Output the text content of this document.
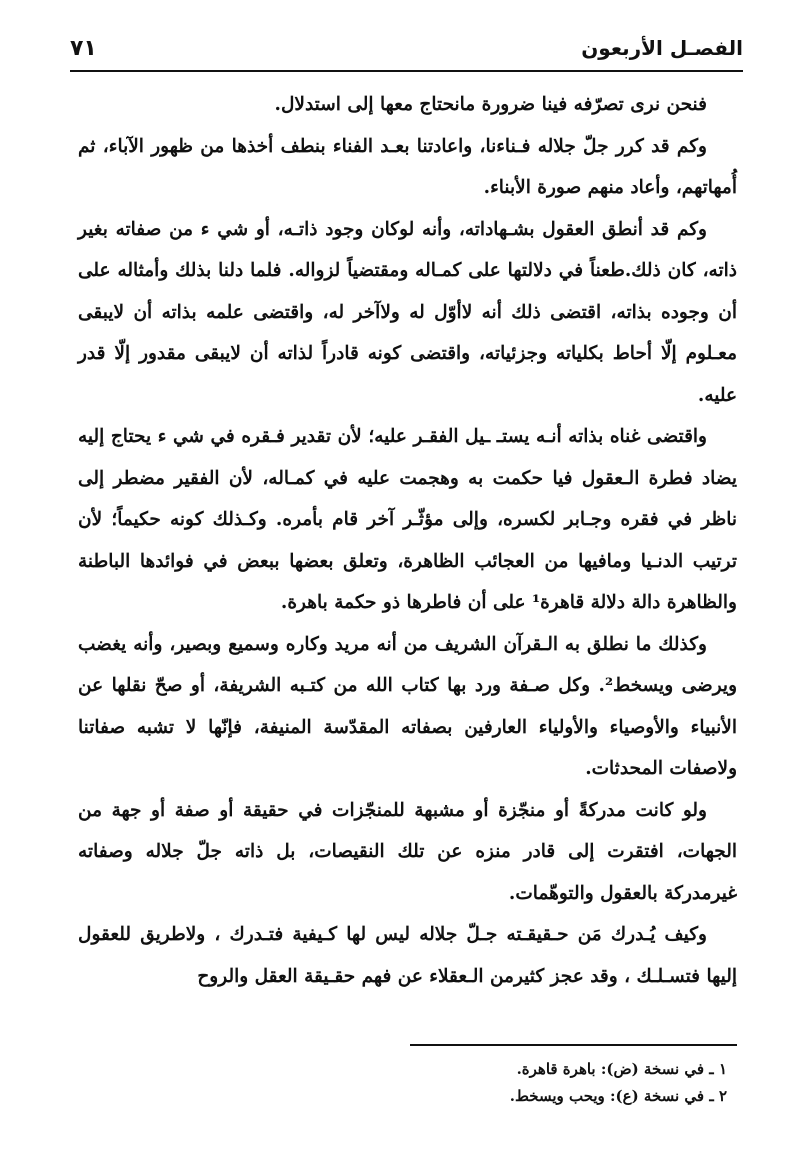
الفصـل الأربعون
٧١

فنحن نرى تصرّفه فينا ضرورة مانحتاج معها إلى استدلال.

وكم قد كرر جلّ جلاله فـناءنا، واعادتنا بعـد الفناء بنطف أخذها من ظهور الآباء، ثم أُمهاتهم، وأعاد منهم صورة الأبناء.

وكم قد أنطق العقول بشـهاداته، وأنه لوكان وجود ذاتـه، أو شي ء من صفاته بغير ذاته، كان ذلك.طعناً في دلالتها على كمـاله ومقتضياً لزواله. فلما دلنا بذلك وأمثاله على أن وجوده بذاته، اقتضى ذلك أنه لاأوّل له ولاآخر له، واقتضى علمه بذاته أن لايبقى معـلوم إلّا أحاط بكلياته وجزئياته، واقتضى كونه قادراً لذاته أن لايبقى مقدور إلّا قدر عليه.

واقتضى غناه بذاته أنـه يستـ ـيل الفقـر عليه؛ لأن تقدير فـقره في شي ء يحتاج إليه يضاد فطرة الـعقول فيا حكمت به وهجمت عليه في كمـاله، لأن الفقير مضطر إلى ناظر في فقره وجـابر لكسره، وإلى مؤثّـر آخر قام بأمره. وكـذلك كونه حكيماً؛ لأن ترتيب الدنـيا ومافيها من العجائب الظاهرة، وتعلق بعضها ببعض في فوائدها الباطنة والظاهرة دالة دلالة قاهرة¹ على أن فاطرها ذو حكمة باهرة.

وكذلك ما نطلق به الـقرآن الشريف من أنه مريد وكاره وسميع وبصير، وأنه يغضب ويرضى ويسخط². وكل صـفة ورد بها كتاب الله من كتـبه الشريفة، أو صحّ نقلها عن الأنبياء والأوصياء والأولياء العارفين بصفاته المقدّسة المنيفة، فإنّها لا تشبه صفاتنا ولاصفات المحدثات.

ولو كانت مدركةً أو منجّزة أو مشبهة للمنجّزات في حقيقة أو صفة أو جهة من الجهات، افتقرت إلى قادر منزه عن تلك النقيصات، بل ذاته جلّ جلاله وصفاته غيرمدركة بالعقول والتوهّمات.

وكيف يُـدرك مَن حـقيقـته جـلّ جلاله ليس لها كـيفية فتـدرك ، ولاطريق للعقول إليها فتسـلـك ، وقد عجز كثيرمن الـعقلاء عن فهم حقـيقة العقل والروح

١ ـ في نسخة (ض): باهرة قاهرة.
٢ ـ في نسخة (ع): ويحب ويسخط.
